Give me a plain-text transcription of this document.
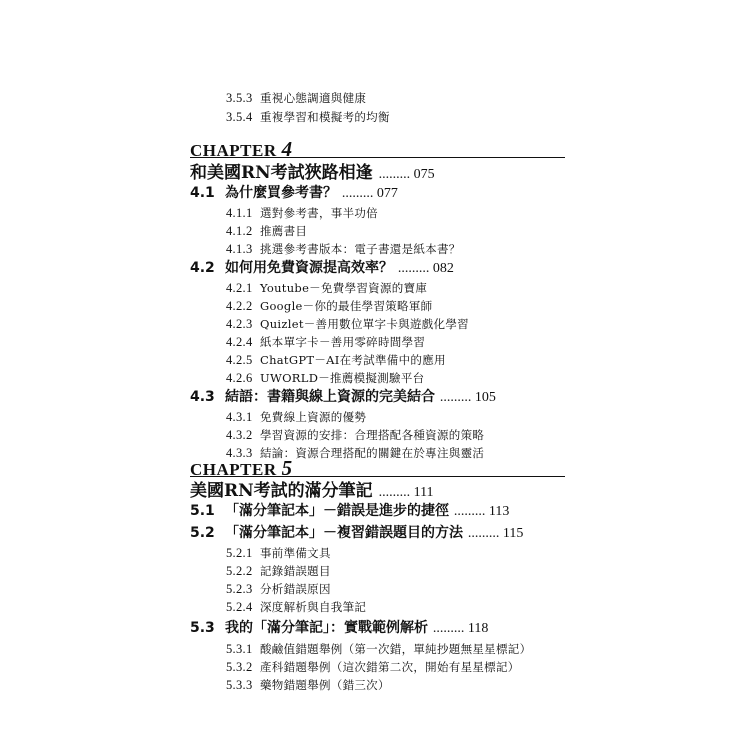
3.5.3 重視心態調適與健康
3.5.4 重複學習和模擬考的均衡
CHAPTER 4
和美國RN考試狹路相逢 ......... 075
4.1 為什麼買參考書？ ......... 077
4.1.1 選對參考書，事半功倍
4.1.2 推薦書目
4.1.3 挑選參考書版本：電子書還是紙本書？
4.2 如何用免費資源提高效率？ ......... 082
4.2.1 Youtube－免費學習資源的寶庫
4.2.2 Google－你的最佳學習策略軍師
4.2.3 Quizlet－善用數位單字卡與遊戲化學習
4.2.4 紙本單字卡－善用零碎時間學習
4.2.5 ChatGPT－AI在考試準備中的應用
4.2.6 UWORLD－推薦模擬測驗平台
4.3 結語：書籍與線上資源的完美結合 ......... 105
4.3.1 免費線上資源的優勢
4.3.2 學習資源的安排：合理搭配各種資源的策略
4.3.3 結論：資源合理搭配的關鍵在於專注與靈活
CHAPTER 5
美國RN考試的滿分筆記 ......... 111
5.1 「滿分筆記本」－錯誤是進步的捷徑 ......... 113
5.2 「滿分筆記本」－複習錯誤題目的方法 ......... 115
5.2.1 事前準備文具
5.2.2 記錄錯誤題目
5.2.3 分析錯誤原因
5.2.4 深度解析與自我筆記
5.3 我的「滿分筆記」：實戰範例解析 ......... 118
5.3.1 酸鹼值錯題舉例（第一次錯，單純抄題無星星標記）
5.3.2 產科錯題舉例（這次錯第二次，開始有星星標記）
5.3.3 藥物錯題舉例（錯三次）
